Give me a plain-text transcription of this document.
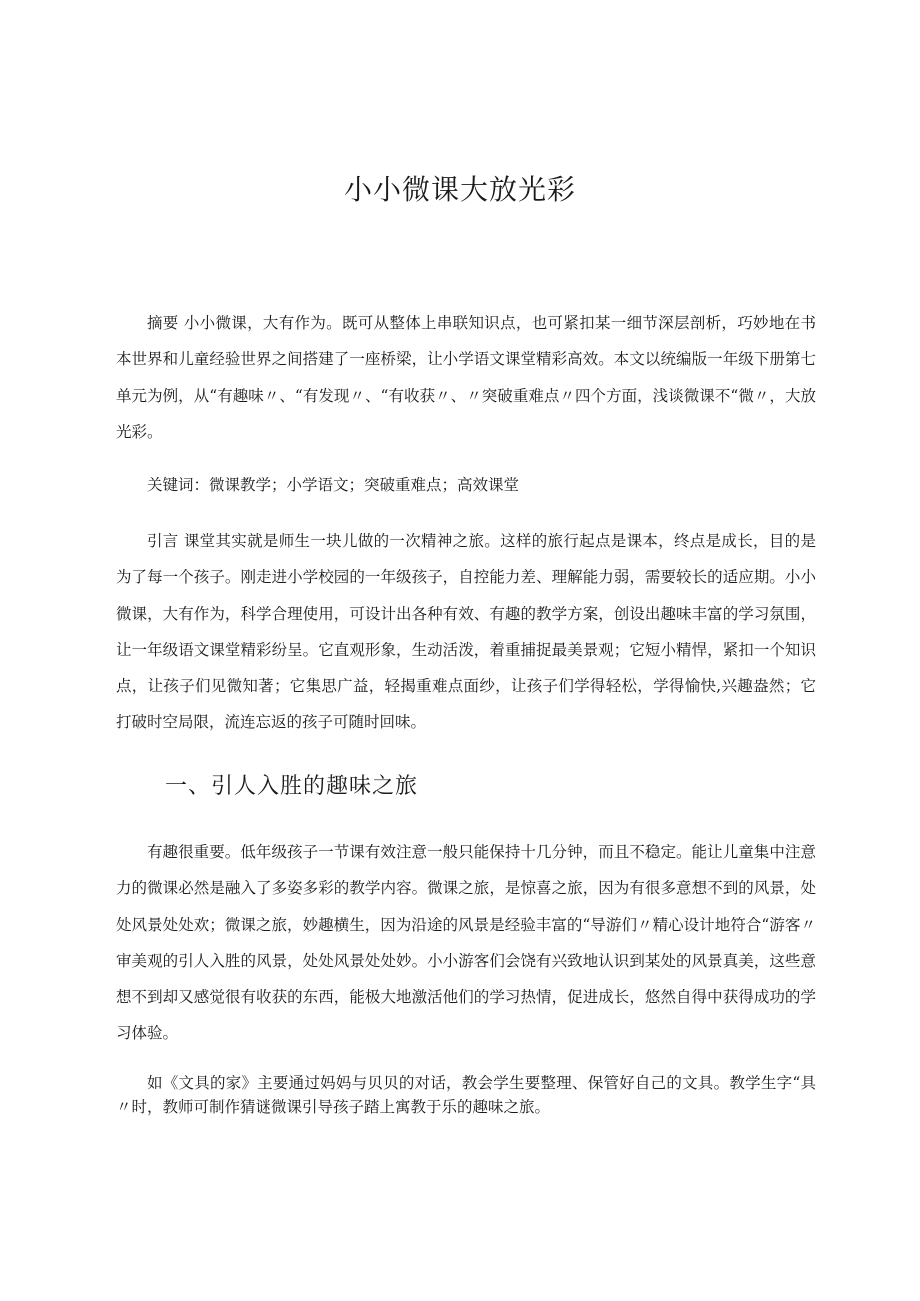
小小微课大放光彩

摘要 小小微课，大有作为。既可从整体上串联知识点，也可紧扣某一细节深层剖析，巧妙地在书本世界和儿童经验世界之间搭建了一座桥梁，让小学语文课堂精彩高效。本文以统编版一年级下册第七单元为例，从“有趣味〃、“有发现〃、“有收获〃、〃突破重难点〃四个方面，浅谈微课不“微〃，大放光彩。

关键词：微课教学；小学语文；突破重难点；高效课堂

引言 课堂其实就是师生一块儿做的一次精神之旅。这样的旅行起点是课本，终点是成长，目的是为了每一个孩子。刚走进小学校园的一年级孩子，自控能力差、理解能力弱，需要较长的适应期。小小微课，大有作为，科学合理使用，可设计出各种有效、有趣的教学方案，创设出趣味丰富的学习氛围，让一年级语文课堂精彩纷呈。它直观形象，生动活泼，着重捕捉最美景观；它短小精悍，紧扣一个知识点，让孩子们见微知著；它集思广益，轻揭重难点面纱，让孩子们学得轻松，学得愉快,兴趣盎然；它打破时空局限，流连忘返的孩子可随时回味。

一、引人入胜的趣味之旅

有趣很重要。低年级孩子一节课有效注意一般只能保持十几分钟，而且不稳定。能让儿童集中注意力的微课必然是融入了多姿多彩的教学内容。微课之旅，是惊喜之旅，因为有很多意想不到的风景，处处风景处处欢；微课之旅，妙趣横生，因为沿途的风景是经验丰富的“导游们〃精心设计地符合“游客〃审美观的引人入胜的风景，处处风景处处妙。小小游客们会饶有兴致地认识到某处的风景真美，这些意想不到却又感觉很有收获的东西，能极大地激活他们的学习热情，促进成长，悠然自得中获得成功的学习体验。

如《文具的家》主要通过妈妈与贝贝的对话，教会学生要整理、保管好自己的文具。教学生字“具〃时，教师可制作猜谜微课引导孩子踏上寓教于乐的趣味之旅。
